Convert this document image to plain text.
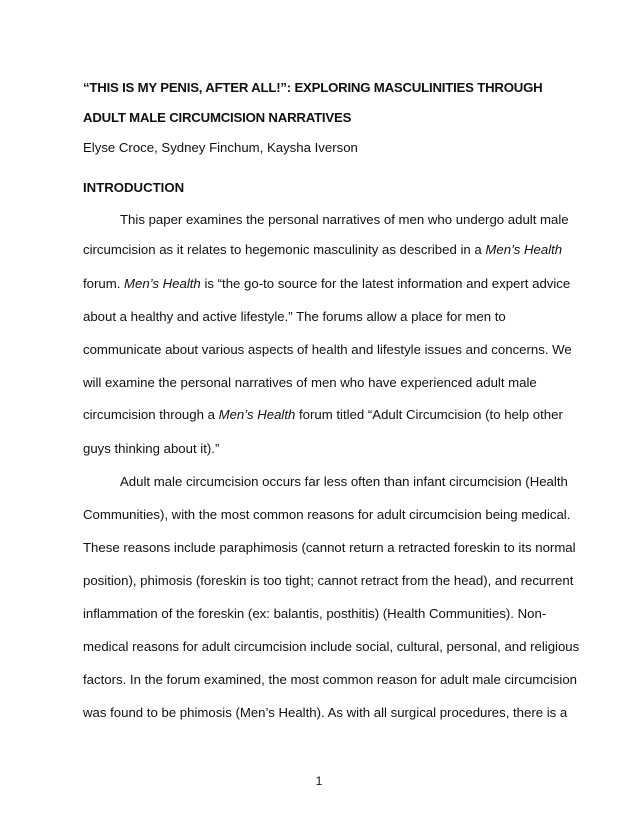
“THIS IS MY PENIS, AFTER ALL!”: EXPLORING MASCULINITIES THROUGH
ADULT MALE CIRCUMCISION NARRATIVES
Elyse Croce, Sydney Finchum, Kaysha Iverson
INTRODUCTION
This paper examines the personal narratives of men who undergo adult male
circumcision as it relates to hegemonic masculinity as described in a Men’s Health
forum. Men’s Health is “the go-to source for the latest information and expert advice
about a healthy and active lifestyle.” The forums allow a place for men to
communicate about various aspects of health and lifestyle issues and concerns. We
will examine the personal narratives of men who have experienced adult male
circumcision through a Men’s Health forum titled “Adult Circumcision (to help other
guys thinking about it).”
Adult male circumcision occurs far less often than infant circumcision (Health
Communities), with the most common reasons for adult circumcision being medical.
These reasons include paraphimosis (cannot return a retracted foreskin to its normal
position), phimosis (foreskin is too tight; cannot retract from the head), and recurrent
inflammation of the foreskin (ex: balantis, posthitis) (Health Communities). Non-
medical reasons for adult circumcision include social, cultural, personal, and religious
factors. In the forum examined, the most common reason for adult male circumcision
was found to be phimosis (Men’s Health). As with all surgical procedures, there is a
1
